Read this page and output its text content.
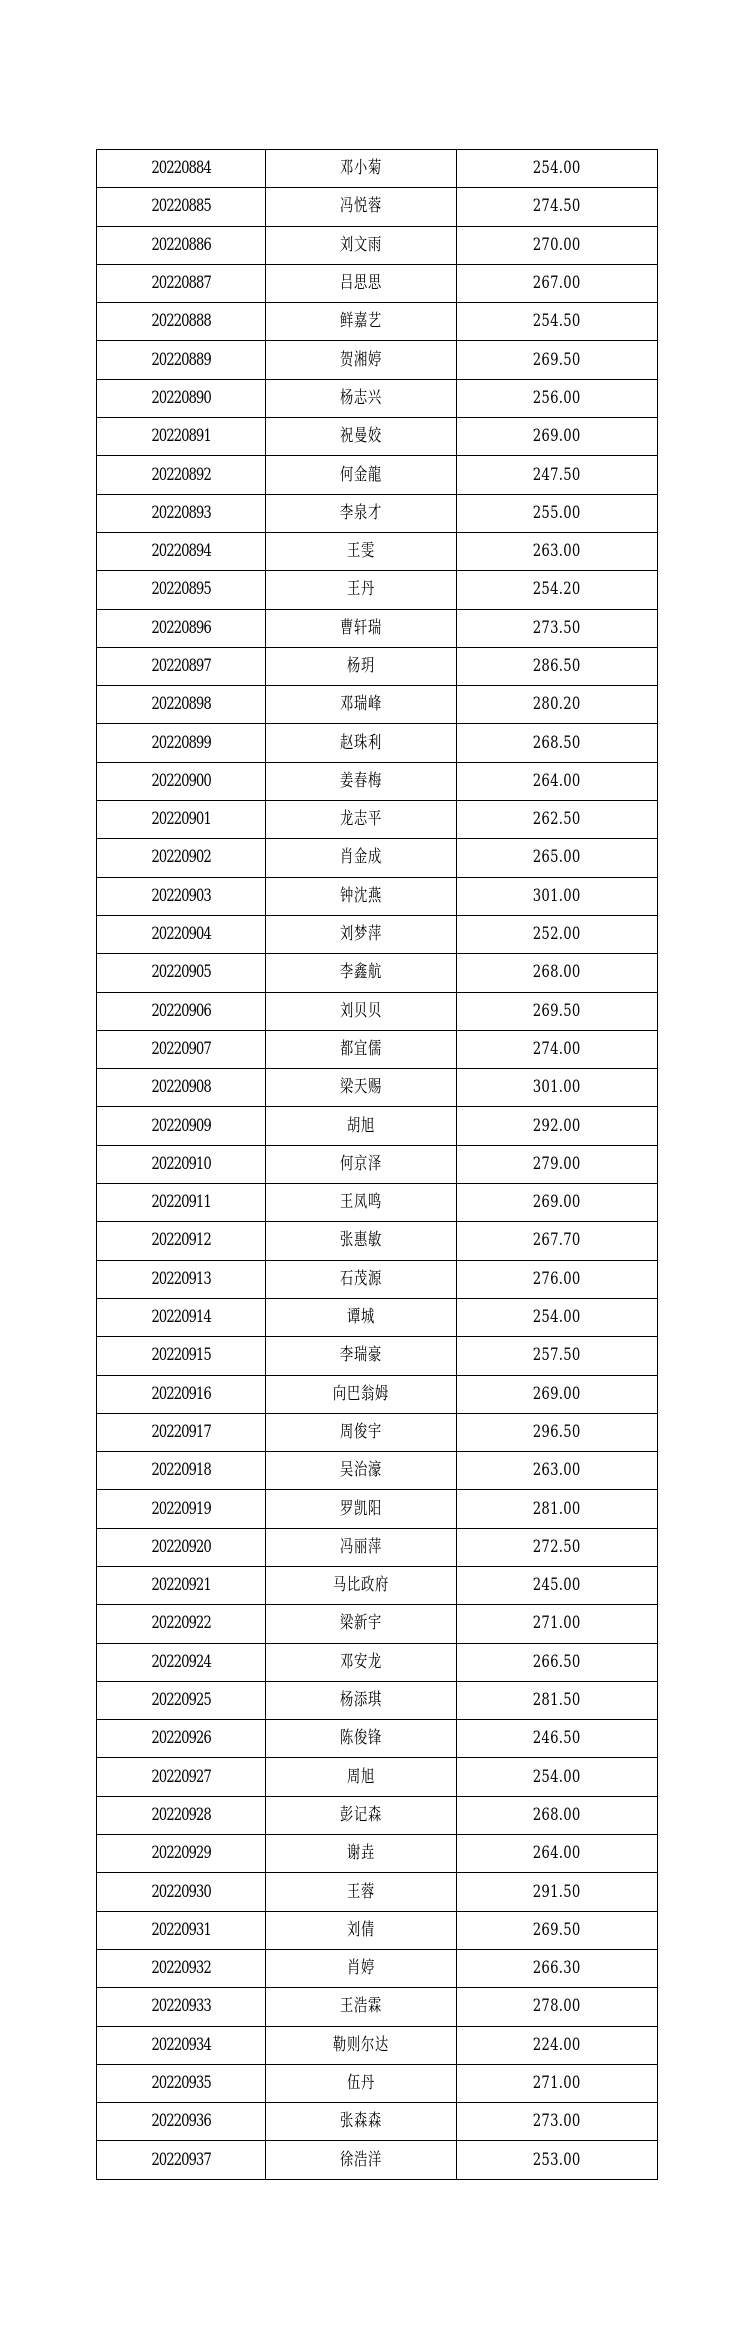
20220884	邓小菊	254.00
20220885	冯悦蓉	274.50
20220886	刘文雨	270.00
20220887	吕思思	267.00
20220888	鲜嘉艺	254.50
20220889	贺湘婷	269.50
20220890	杨志兴	256.00
20220891	祝曼姣	269.00
20220892	何金龍	247.50
20220893	李泉才	255.00
20220894	王雯	263.00
20220895	王丹	254.20
20220896	曹轩瑞	273.50
20220897	杨玥	286.50
20220898	邓瑞峰	280.20
20220899	赵珠利	268.50
20220900	姜春梅	264.00
20220901	龙志平	262.50
20220902	肖金成	265.00
20220903	钟沈燕	301.00
20220904	刘梦萍	252.00
20220905	李鑫航	268.00
20220906	刘贝贝	269.50
20220907	都宜儒	274.00
20220908	梁天赐	301.00
20220909	胡旭	292.00
20220910	何京泽	279.00
20220911	王凤鸣	269.00
20220912	张惠敏	267.70
20220913	石茂源	276.00
20220914	谭城	254.00
20220915	李瑞豪	257.50
20220916	向巴翁姆	269.00
20220917	周俊宇	296.50
20220918	吴治濠	263.00
20220919	罗凯阳	281.00
20220920	冯丽萍	272.50
20220921	马比政府	245.00
20220922	梁新宇	271.00
20220924	邓安龙	266.50
20220925	杨添琪	281.50
20220926	陈俊锋	246.50
20220927	周旭	254.00
20220928	彭记森	268.00
20220929	谢垚	264.00
20220930	王蓉	291.50
20220931	刘倩	269.50
20220932	肖婷	266.30
20220933	王浩霖	278.00
20220934	勒则尔达	224.00
20220935	伍丹	271.00
20220936	张森森	273.00
20220937	徐浩洋	253.00
